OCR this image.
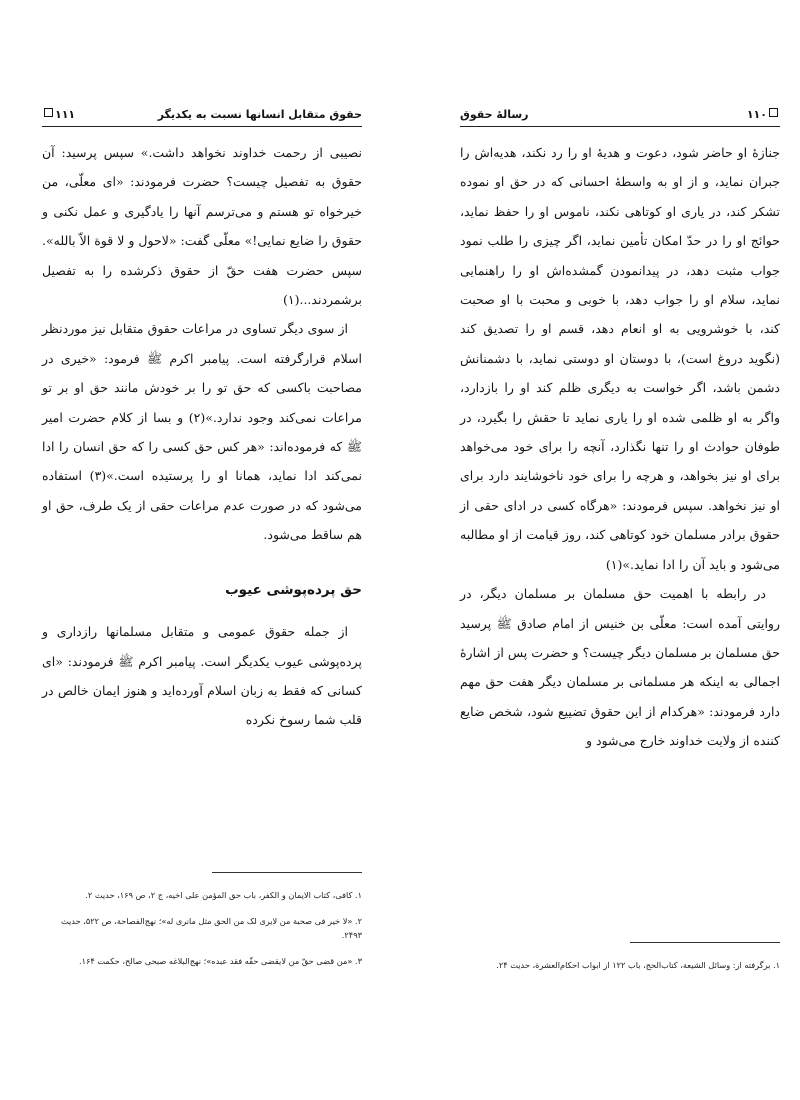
۱۱۱	حقوق متقابل انسانها نسبت به یکدیگر

نصیبی از رحمت خداوند نخواهد داشت.» سپس پرسید: آن حقوق به تفصیل چیست؟ حضرت فرمودند: «ای معلّی، من خیرخواه تو هستم و می‌ترسم آنها را یادگیری و عمل نکنی و حقوق را ضایع نمایی!» معلّی گفت: «لاحول و لا قوة الاّ بالله». سپس حضرت هفت حقّ از حقوق ذکرشده را به تفصیل برشمردند...(۱)

از سوی دیگر تساوی در مراعات حقوق متقابل نیز موردنظر اسلام قرارگرفته است. پیامبر اکرم ﷺ فرمود: «خیری در مصاحبت باکسی که حق تو را بر خودش مانند حق او بر تو مراعات نمی‌کند وجود ندارد.»(۲) و بسا از کلام حضرت امیر ﷺ که فرموده‌اند: «هر کس حق کسی را که حق انسان را ادا نمی‌کند ادا نماید، همانا او را پرستیده است.»(۳) استفاده می‌شود که در صورت عدم مراعات حقی از یک طرف، حق او هم ساقط می‌شود.

حق پرده‌پوشی عیوب

از جمله حقوق عمومی و متقابل مسلمانها رازداری و پرده‌پوشی عیوب یکدیگر است. پیامبر اکرم ﷺ فرمودند: «ای کسانی که فقط به زبان اسلام آورده‌اید و هنوز ایمان خالص در قلب شما رسوخ نکرده

۱. کافی، کتاب الایمان و الکفر، باب حق المؤمن علی اخیه، ج ۲، ص ۱۶۹، حدیث ۲.
۲. «لا خیر فی صحبة من لایری لک من الحق مثل مانری له»؛ نهج‌الفصاحة، ص ۵۲۲، حدیث ۲۴۹۳.
۳. «من قضی حقّ من لایقضی حقّه فقد عبده»؛ نهج‌البلاغه صبحی صالح، حکمت ۱۶۴.
۱۱۰
رسالهٔ حقوق

جنازهٔ او حاضر شود، دعوت و هدیهٔ او را رد نکند، هدیه‌اش را جبران نماید، و از او به واسطهٔ احسانی که در حق او نموده تشکر کند، در یاری او کوتاهی نکند، ناموس او را حفظ نماید، حوائج او را در حدّ امکان تأمین نماید، اگر چیزی را طلب نمود جواب مثبت دهد، در پیدانمودن گمشده‌اش او را راهنمایی نماید، سلام او را جواب دهد، با خوبی و محبت با او صحبت کند، با خوشرویی به او انعام دهد، قسم او را تصدیق کند (نگوید دروغ است)، با دوستان او دوستی نماید، با دشمنانش دشمن باشد، اگر خواست به دیگری ظلم کند او را بازدارد، واگر به او ظلمی شده او را یاری نماید تا حقش را بگیرد، در طوفان حوادث او را تنها نگذارد، آنچه را برای خود می‌خواهد برای او نیز بخواهد، و هرچه را برای خود ناخوشایند دارد برای او نیز نخواهد. سپس فرمودند: «هرگاه کسی در ادای حقی از حقوق برادر مسلمان خود کوتاهی کند، روز قیامت از او مطالبه می‌شود و باید آن را ادا نماید.»(۱)

در رابطه با اهمیت حق مسلمان بر مسلمان دیگر، در روایتی آمده است: معلّی بن خنیس از امام صادق ﷺ پرسید حق مسلمان بر مسلمان دیگر چیست؟ و حضرت پس از اشارهٔ اجمالی به اینکه هر مسلمانی بر مسلمان دیگر هفت حق مهم دارد فرمودند: «هرکدام از این حقوق تضییع شود، شخص ضایع کننده از ولایت خداوند خارج می‌شود و

۱. برگرفته از: وسائل الشیعة، کتاب‌الحج، باب ۱۲۲ از ابواب احکام‌العشرة، حدیث ۲۴.
